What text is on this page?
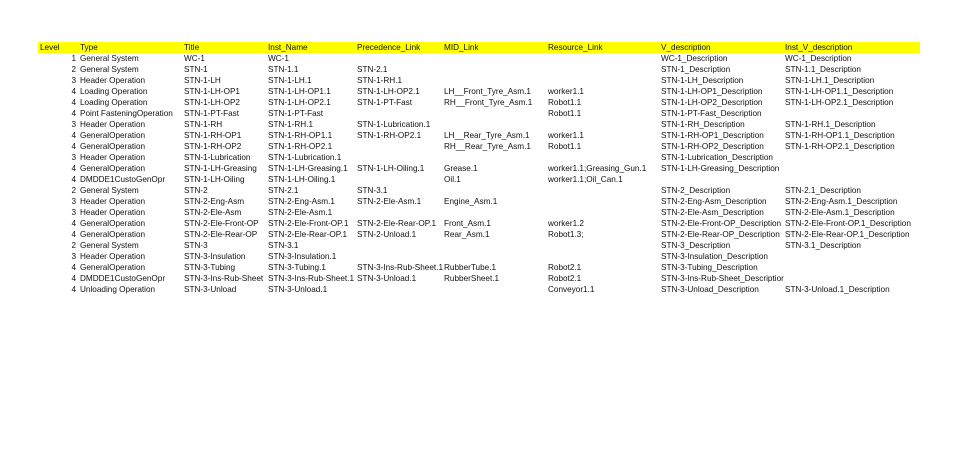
Level	Type	Title	Inst_Name	Precedence_Link	MID_Link	Resource_Link	V_description	Inst_V_description
1	General System	WC-1	WC-1				WC-1_Description	WC-1_Description
2	General System	STN-1	STN-1.1	STN-2.1			STN-1_Description	STN-1.1_Description
3	Header Operation	STN-1-LH	STN-1-LH.1	STN-1-RH.1			STN-1-LH_Description	STN-1-LH.1_Description
4	Loading Operation	STN-1-LH-OP1	STN-1-LH-OP1.1	STN-1-LH-OP2.1	LH__Front_Tyre_Asm.1	worker1.1	STN-1-LH-OP1_Description	STN-1-LH-OP1.1_Description
4	Loading Operation	STN-1-LH-OP2	STN-1-LH-OP2.1	STN-1-PT-Fast	RH__Front_Tyre_Asm.1	Robot1.1	STN-1-LH-OP2_Description	STN-1-LH-OP2.1_Description
4	Point FasteningOperation	STN-1-PT-Fast	STN-1-PT-Fast			Robot1.1	STN-1-PT-Fast_Description	
3	Header Operation	STN-1-RH	STN-1-RH.1	STN-1-Lubrication.1			STN-1-RH_Description	STN-1-RH.1_Description
4	GeneralOperation	STN-1-RH-OP1	STN-1-RH-OP1.1	STN-1-RH-OP2.1	LH__Rear_Tyre_Asm.1	worker1.1	STN-1-RH-OP1_Description	STN-1-RH-OP1.1_Description
4	GeneralOperation	STN-1-RH-OP2	STN-1-RH-OP2.1		RH__Rear_Tyre_Asm.1	Robot1.1	STN-1-RH-OP2_Description	STN-1-RH-OP2.1_Description
3	Header Operation	STN-1-Lubrication	STN-1-Lubrication.1				STN-1-Lubrication_Description	
4	GeneralOperation	STN-1-LH-Greasing	STN-1-LH-Greasing.1	STN-1-LH-Oiling.1	Grease.1	worker1.1;Greasing_Gun.1	STN-1-LH-Greasing_Description	
4	DMDDE1CustoGenOpr	STN-1-LH-Oiling	STN-1-LH-Oiling.1		Oil.1	worker1.1;Oil_Can.1		
2	General System	STN-2	STN-2.1	STN-3.1			STN-2_Description	STN-2.1_Description
3	Header Operation	STN-2-Eng-Asm	STN-2-Eng-Asm.1	STN-2-Ele-Asm.1	Engine_Asm.1		STN-2-Eng-Asm_Description	STN-2-Eng-Asm.1_Description
3	Header Operation	STN-2-Ele-Asm	STN-2-Ele-Asm.1				STN-2-Ele-Asm_Description	STN-2-Ele-Asm.1_Description
4	GeneralOperation	STN-2-Ele-Front-OP	STN-2-Ele-Front-OP.1	STN-2-Ele-Rear-OP.1	Front_Asm.1	worker1.2	STN-2-Ele-Front-OP_Description	STN-2-Ele-Front-OP.1_Description
4	GeneralOperation	STN-2-Ele-Rear-OP	STN-2-Ele-Rear-OP.1	STN-2-Unload.1	Rear_Asm.1	Robot1.3;	STN-2-Ele-Rear-OP_Description	STN-2-Ele-Rear-OP.1_Description
2	General System	STN-3	STN-3.1				STN-3_Description	STN-3.1_Description
3	Header Operation	STN-3-Insulation	STN-3-Insulation.1				STN-3-Insulation_Description	
4	GeneralOperation	STN-3-Tubing	STN-3-Tubing.1	STN-3-Ins-Rub-Sheet.1	RubberTube.1	Robot2.1	STN-3-Tubing_Description	
4	DMDDE1CustoGenOpr	STN-3-Ins-Rub-Sheet	STN-3-Ins-Rub-Sheet.1	STN-3-Unload.1	RubberSheet.1	Robot2.1	STN-3-Ins-Rub-Sheet_Descriptior	
4	Unloading Operation	STN-3-Unload	STN-3-Unload.1			Conveyor1.1	STN-3-Unload_Description	STN-3-Unload.1_Description
